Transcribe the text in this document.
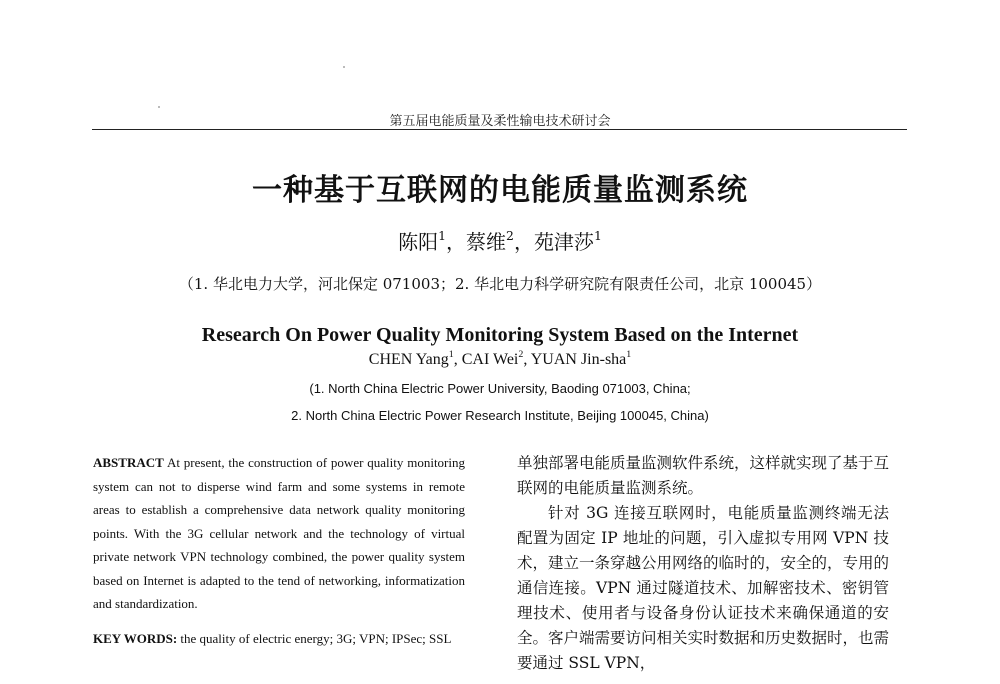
第五届电能质量及柔性输电技术研讨会
一种基于互联网的电能质量监测系统
陈阳$^1$，蔡维$^2$，苑津莎$^1$
（1. 华北电力大学，河北保定 071003；2. 华北电力科学研究院有限责任公司，北京 100045）
Research On Power Quality Monitoring System Based on the Internet
CHEN Yang$^1$, CAI Wei$^2$, YUAN Jin-sha$^1$
(1. North China Electric Power University, Baoding 071003, China;
2. North China Electric Power Research Institute, Beijing 100045, China)
ABSTRACT At present, the construction of power quality monitoring system can not to disperse wind farm and some systems in remote areas to establish a comprehensive data network quality monitoring points. With the 3G cellular network and the technology of virtual private network VPN technology combined, the power quality system based on Internet is adapted to the tend of networking, informatization and standardization.
KEY WORDS: the quality of electric energy; 3G; VPN; IPSec; SSL

单独部署电能质量监测软件系统，这样就实现了基于互联网的电能质量监测系统。

针对 3G 连接互联网时，电能质量监测终端无法配置为固定 IP 地址的问题，引入虚拟专用网 VPN 技术，建立一条穿越公用网络的临时的，安全的，专用的通信连接。VPN 通过隧道技术、加解密技术、密钥管理技术、使用者与设备身份认证技术来确保通道的安全。客户端需要访问相关实时数据和历史数据时，也需要通过 SSL VPN，
